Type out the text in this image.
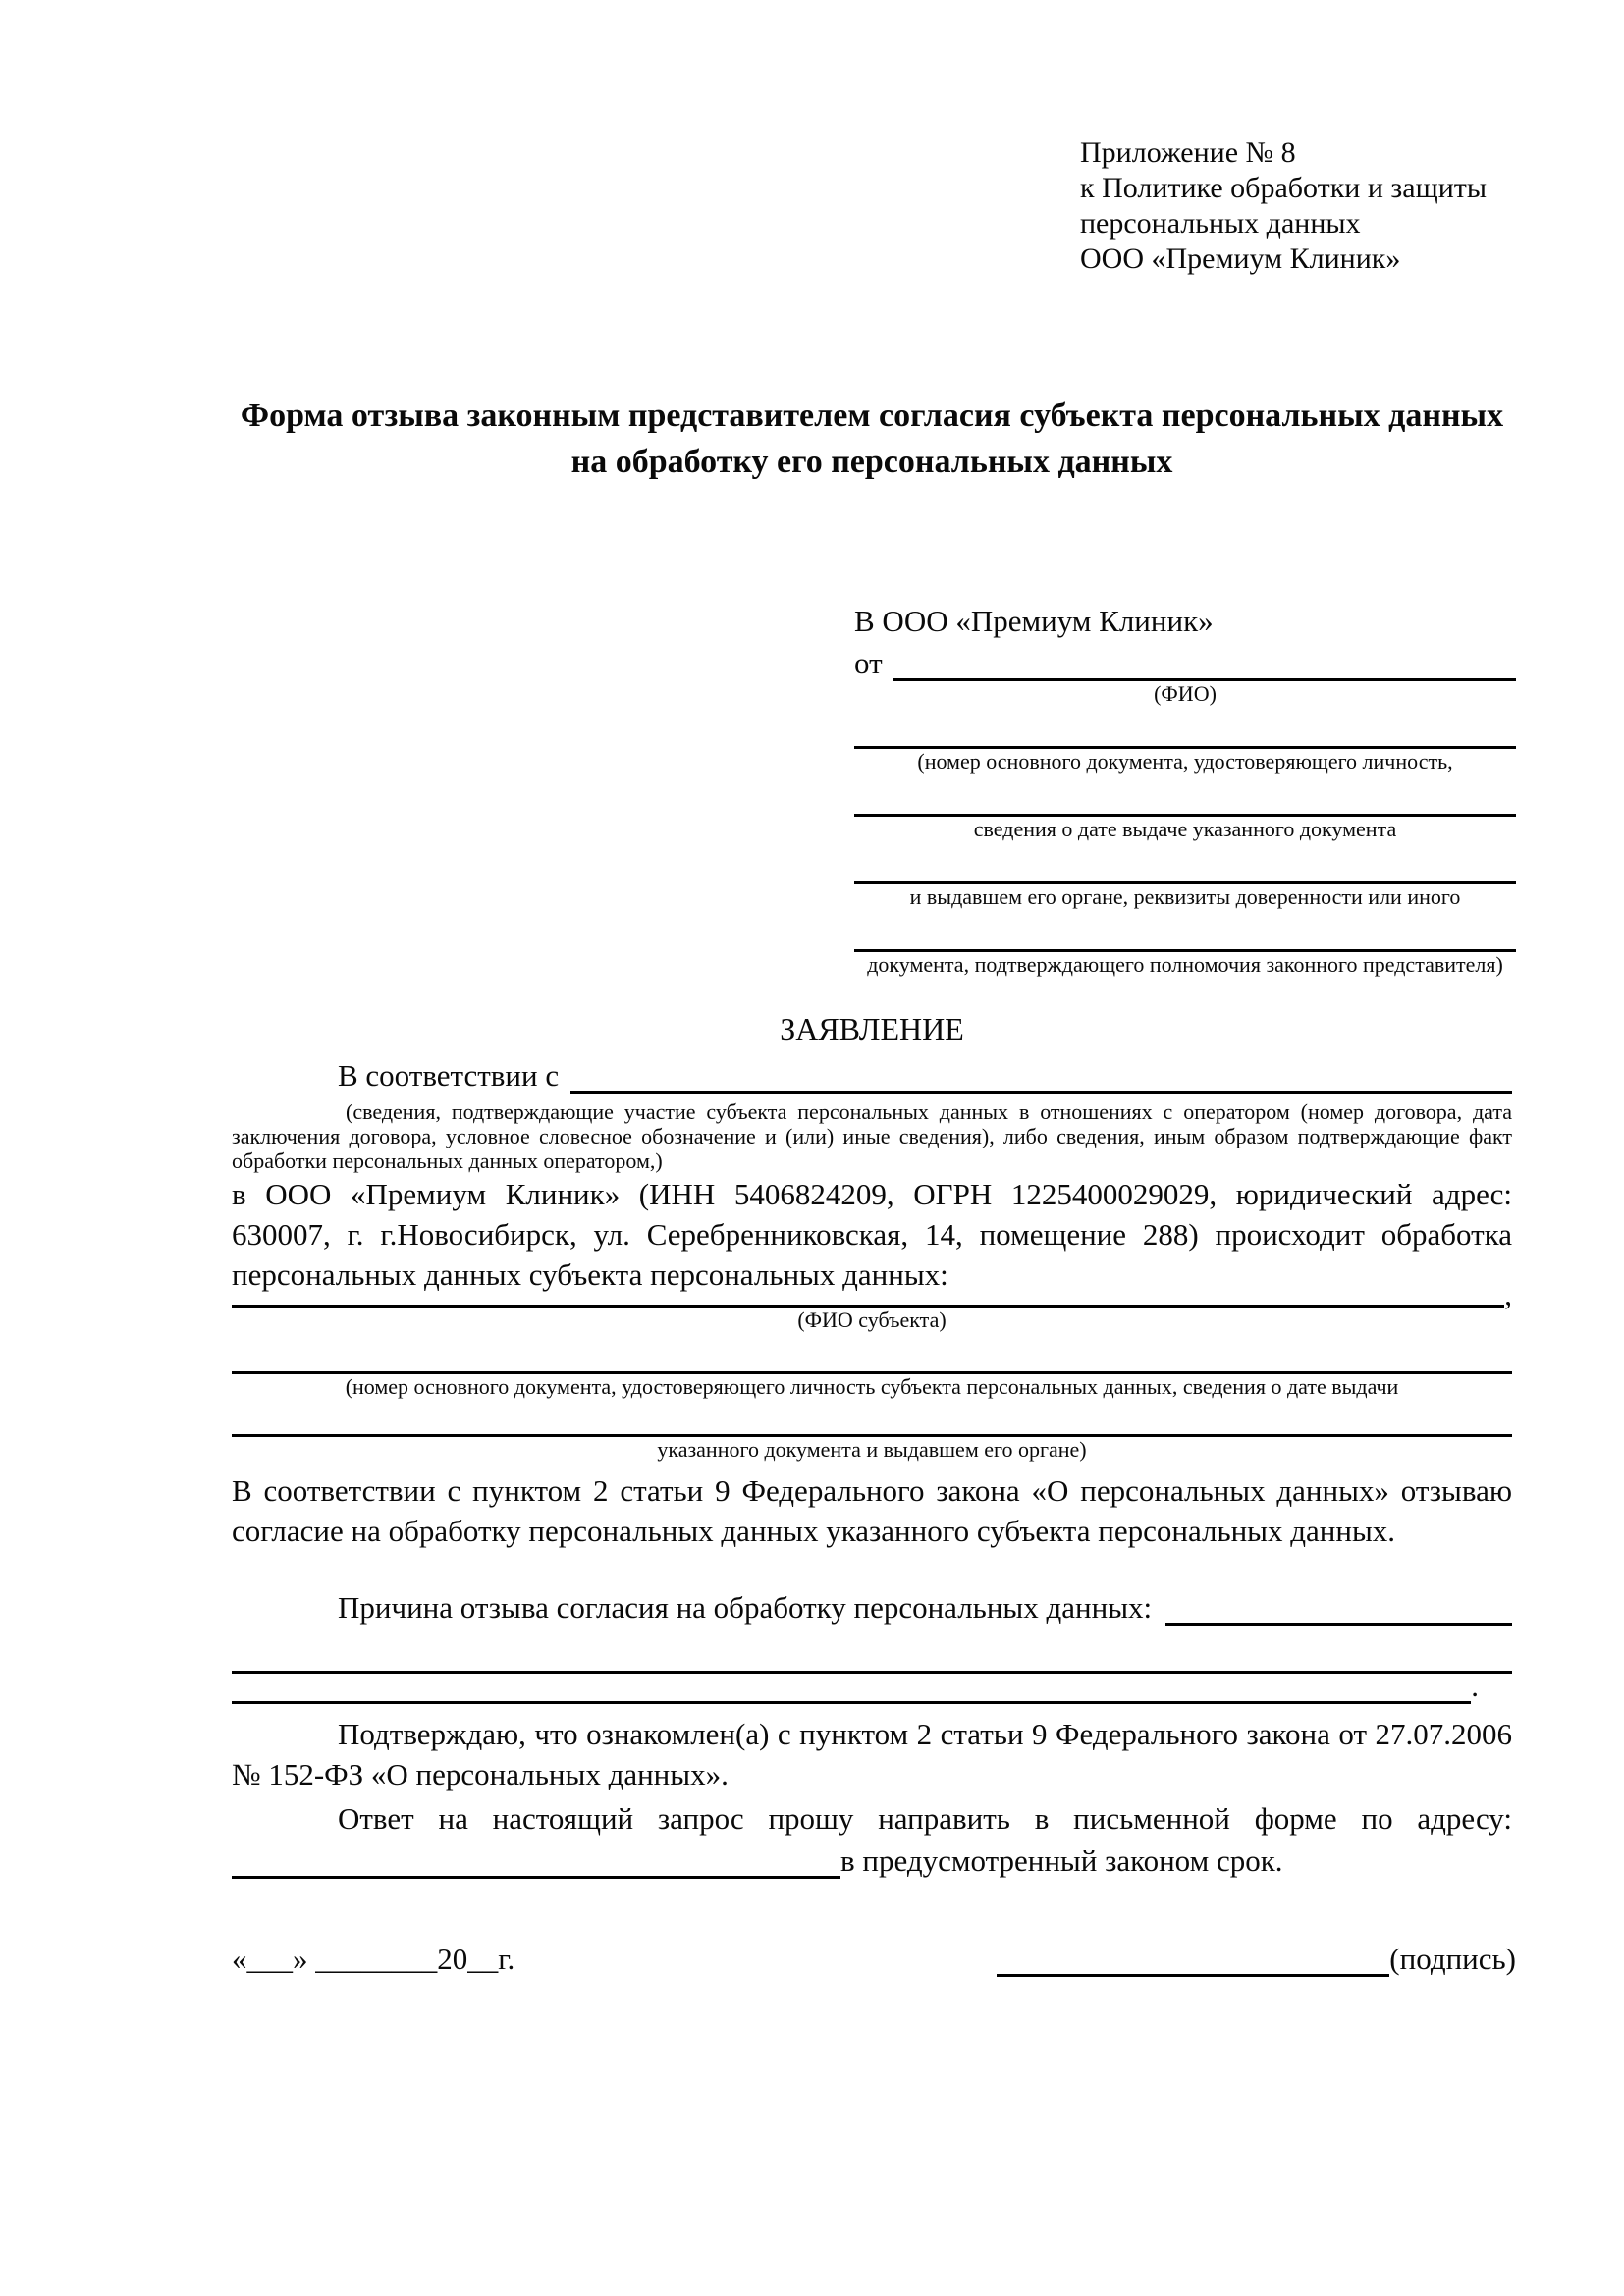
Приложение № 8
к Политике обработки и защиты
персональных данных
ООО «Премиум Клиник»
Форма отзыва законным представителем согласия субъекта персональных данных на обработку его персональных данных
В ООО «Премиум Клиник»
от
(ФИО)
(номер основного документа, удостоверяющего личность,
сведения о дате выдаче указанного документа
и выдавшем его органе, реквизиты доверенности или иного
документа, подтверждающего полномочия законного представителя)
ЗАЯВЛЕНИЕ
В соответствии с
(сведения, подтверждающие участие субъекта персональных данных в отношениях с оператором (номер договора, дата заключения договора, условное словесное обозначение и (или) иные сведения), либо сведения, иным образом подтверждающие факт обработки персональных данных оператором,)

в ООО «Премиум Клиник» (ИНН 5406824209, ОГРН 1225400029029, юридический адрес: 630007, г. г.Новосибирск, ул. Серебренниковская, 14, помещение 288) происходит обработка персональных данных субъекта персональных данных:

,
(ФИО субъекта)
(номер основного документа, удостоверяющего личность субъекта персональных данных, сведения о дате выдачи
указанного документа и выдавшем его органе)

В соответствии с пунктом 2 статьи 9 Федерального закона «О персональных данных» отзываю согласие на обработку персональных данных указанного субъекта персональных данных.

Причина отзыва согласия на обработку персональных данных:
.

Подтверждаю, что ознакомлен(а) с пунктом 2 статьи 9 Федерального закона от 27.07.2006 № 152-ФЗ «О персональных данных».

Ответ на настоящий запрос прошу направить в письменной форме по адресу:
в предусмотренный законом срок.
«___» ________20__г.	(подпись)
